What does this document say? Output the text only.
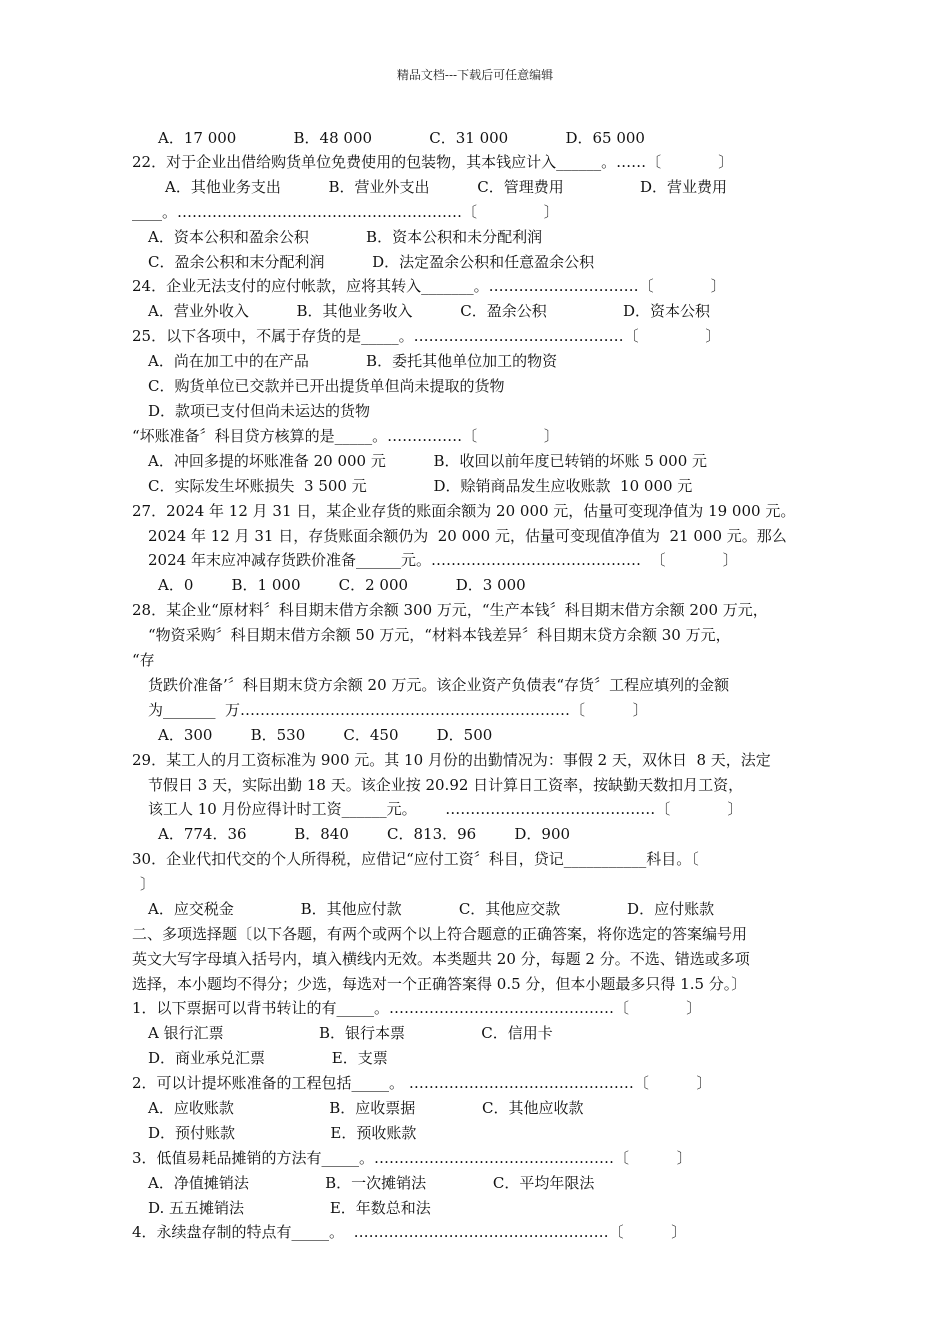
精品文档---下载后可任意编辑
A．17 000            B．48 000            C．31 000            D．65 000
22．对于企业出借给购货单位免费使用的包装物，其本钱应计入______。……〔            〕
A．其他业务支出          B．营业外支出          C．管理费用                D．营业费用
____。…………………………………………………〔              〕
A．资本公积和盈余公积            B．资本公积和未分配利润
C．盈余公积和末分配利润          D．法定盈余公积和任意盈余公积
24．企业无法支付的应付帐款，应将其转入_______。…………………………〔            〕
A．营业外收入          B．其他业务收入          C．盈余公积                D．资本公积
25．以下各项中，不属于存货的是_____。……………………………………〔              〕
A．尚在加工中的在产品            B．委托其他单位加工的物资
C．购货单位已交款并已开出提货单但尚未提取的货物
D．款项已支付但尚未运达的货物
“坏账准备〞科目贷方核算的是_____。……………〔              〕
A．冲回多提的坏账准备 20 000 元          B．收回以前年度已转销的坏账 5 000 元
C．实际发生坏账损失  3 500 元              D．赊销商品发生应收账款  10 000 元
27．2024 年 12 月 31 日，某企业存货的账面余额为 20 000 元，估量可变现净值为 19 000 元。
2024 年 12 月 31 日，存货账面余额仍为  20 000 元，估量可变现值净值为  21 000 元。那么
2024 年末应冲减存货跌价准备______元。……………………………………  〔            〕
A．0        B．1 000        C．2 000          D．3 000
28．某企业“原材料〞科目期末借方余额 300 万元，“生产本钱〞科目期末借方余额 200 万元，
“物资采购〞科目期末借方余额 50 万元，“材料本钱差异〞科目期末贷方余额 30 万元，
“存
货跌价准备’〞科目期末贷方余额 20 万元。该企业资产负债表“存货〞工程应填列的金额
为_______  万…………………………………………………………〔          〕
A．300        B．530        C．450        D．500
29．某工人的月工资标准为 900 元。其 10 月份的出勤情况为：事假 2 天，双休日  8 天，法定
节假日 3 天，实际出勤 18 天。该企业按 20.92 日计算日工资率，按缺勤天数扣月工资，
该工人 10 月份应得计时工资______元。      ……………………………………〔            〕
A．774．36          B．840        C．813．96        D．900
30．企业代扣代交的个人所得税，应借记“应付工资〞科目，贷记___________科目。〔
〕
A．应交税金              B．其他应付款            C．其他应交款              D．应付账款
二、多项选择题〔以下各题，有两个或两个以上符合题意的正确答案，将你选定的答案编号用
英文大写字母填入括号内，填入横线内无效。本类题共 20 分，每题 2 分。不选、错选或多项
选择，本小题均不得分；少选，每选对一个正确答案得 0.5 分，但本小题最多只得 1.5 分。〕
1．以下票据可以背书转让的有_____。………………………………………〔            〕
A 银行汇票                    B．银行本票                C．信用卡
D．商业承兑汇票              E．支票
2．可以计提坏账准备的工程包括_____。 ………………………………………〔          〕
A．应收账款                    B．应收票据              C．其他应收款
D．预付账款                    E．预收账款
3．低值易耗品摊销的方法有_____。…………………………………………〔          〕
A．净值摊销法                B．一次摊销法              C．平均年限法
D. 五五摊销法                  E．年数总和法
4．永续盘存制的特点有_____。  ……………………………………………〔          〕
